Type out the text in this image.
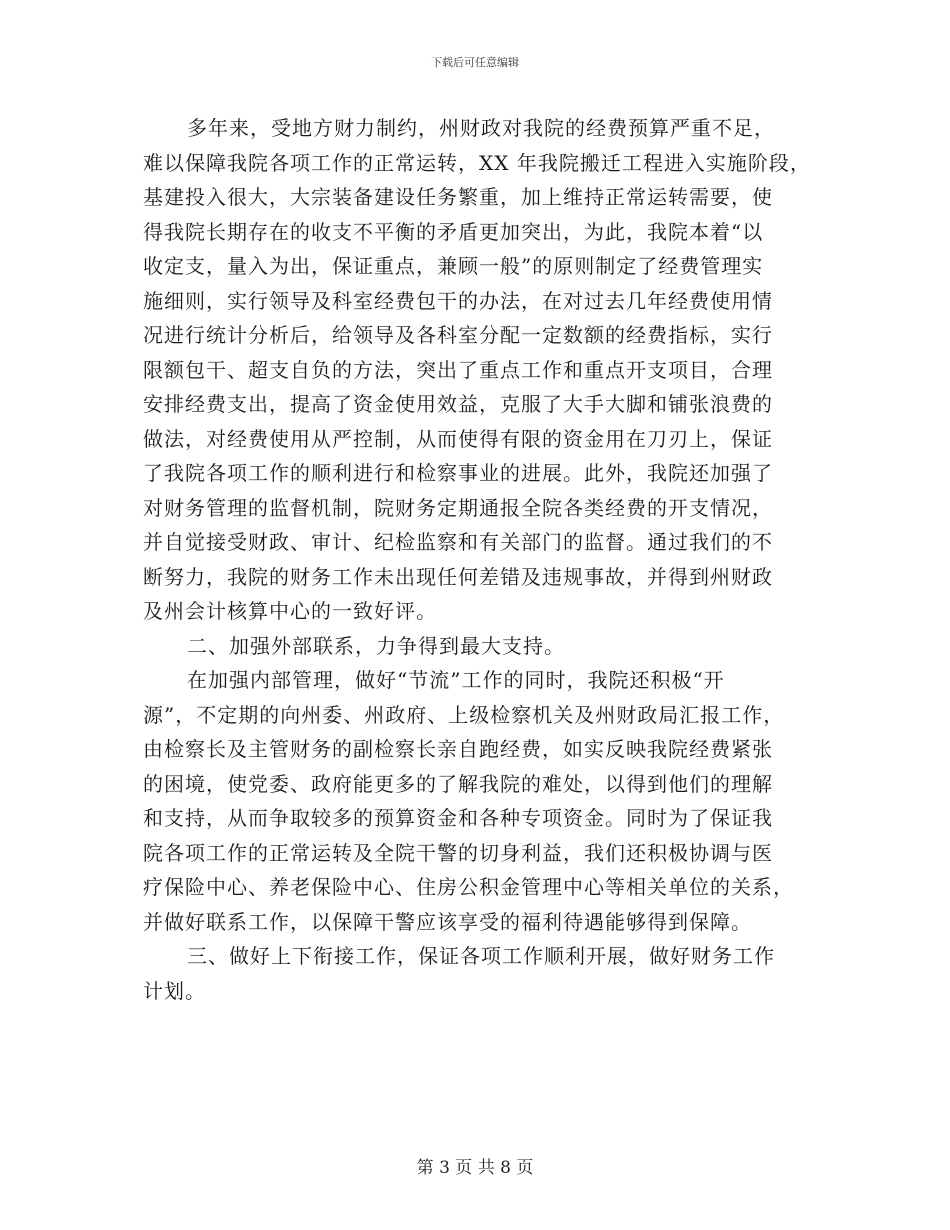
下载后可任意编辑
多年来，受地方财力制约，州财政对我院的经费预算严重不足，
难以保障我院各项工作的正常运转，XX 年我院搬迁工程进入实施阶段，
基建投入很大，大宗装备建设任务繁重，加上维持正常运转需要，使
得我院长期存在的收支不平衡的矛盾更加突出，为此，我院本着“以
收定支，量入为出，保证重点，兼顾一般”的原则制定了经费管理实
施细则，实行领导及科室经费包干的办法，在对过去几年经费使用情
况进行统计分析后，给领导及各科室分配一定数额的经费指标，实行
限额包干、超支自负的方法，突出了重点工作和重点开支项目，合理
安排经费支出，提高了资金使用效益，克服了大手大脚和铺张浪费的
做法，对经费使用从严控制，从而使得有限的资金用在刀刃上，保证
了我院各项工作的顺利进行和检察事业的进展。此外，我院还加强了
对财务管理的监督机制，院财务定期通报全院各类经费的开支情况，
并自觉接受财政、审计、纪检监察和有关部门的监督。通过我们的不
断努力，我院的财务工作未出现任何差错及违规事故，并得到州财政
及州会计核算中心的一致好评。
二、加强外部联系，力争得到最大支持。
在加强内部管理，做好“节流”工作的同时，我院还积极“开
源”，不定期的向州委、州政府、上级检察机关及州财政局汇报工作，
由检察长及主管财务的副检察长亲自跑经费，如实反映我院经费紧张
的困境，使党委、政府能更多的了解我院的难处，以得到他们的理解
和支持，从而争取较多的预算资金和各种专项资金。同时为了保证我
院各项工作的正常运转及全院干警的切身利益，我们还积极协调与医
疗保险中心、养老保险中心、住房公积金管理中心等相关单位的关系，
并做好联系工作，以保障干警应该享受的福利待遇能够得到保障。
三、做好上下衔接工作，保证各项工作顺利开展，做好财务工作
计划。
第 3 页 共 8 页
